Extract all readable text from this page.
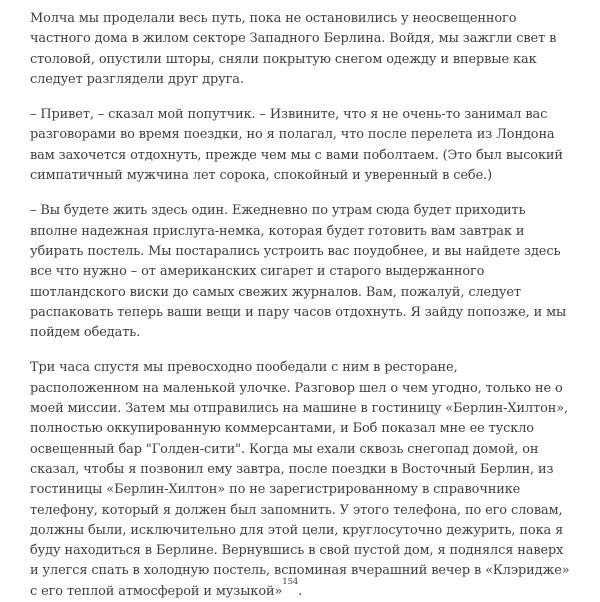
Молча мы проделали весь путь, пока не остановились у неосвещенного частного дома в жилом секторе Западного Берлина. Войдя, мы зажгли свет в столовой, опустили шторы, сняли покрытую снегом одежду и впервые как следует разглядели друг друга.

– Привет, – сказал мой попутчик. – Извините, что я не очень-то занимал вас разговорами во время поездки, но я полагал, что после перелета из Лондона вам захочется отдохнуть, прежде чем мы с вами поболтаем. (Это был высокий симпатичный мужчина лет сорока, спокойный и уверенный в себе.)

– Вы будете жить здесь один. Ежедневно по утрам сюда будет приходить вполне надежная прислуга-немка, которая будет готовить вам завтрак и убирать постель. Мы постарались устроить вас поудобнее, и вы найдете здесь все что нужно – от американских сигарет и старого выдержанного шотландского виски до самых свежих журналов. Вам, пожалуй, следует распаковать теперь ваши вещи и пару часов отдохнуть. Я зайду попозже, и мы пойдем обедать.

Три часа спустя мы превосходно пообедали с ним в ресторане, расположенном на маленькой улочке. Разговор шел о чем угодно, только не о моей миссии. Затем мы отправились на машине в гостиницу «Берлин-Хилтон», полностью оккупированную коммерсантами, и Боб показал мне ее тускло освещенный бар "Голден-сити". Когда мы ехали сквозь снегопад домой, он сказал, чтобы я позвонил ему завтра, после поездки в Восточный Берлин, из гостиницы «Берлин-Хилтон» по не зарегистрированному в справочнике телефону, который я должен был запомнить. У этого телефона, по его словам, должны были, исключительно для этой цели, круглосуточно дежурить, пока я буду находиться в Берлине. Вернувшись в свой пустой дом, я поднялся наверх и улегся спать в холодную постель, вспоминая вчерашний вечер в «Клэридже» с его теплой атмосферой и музыкой»$^{154}$.
